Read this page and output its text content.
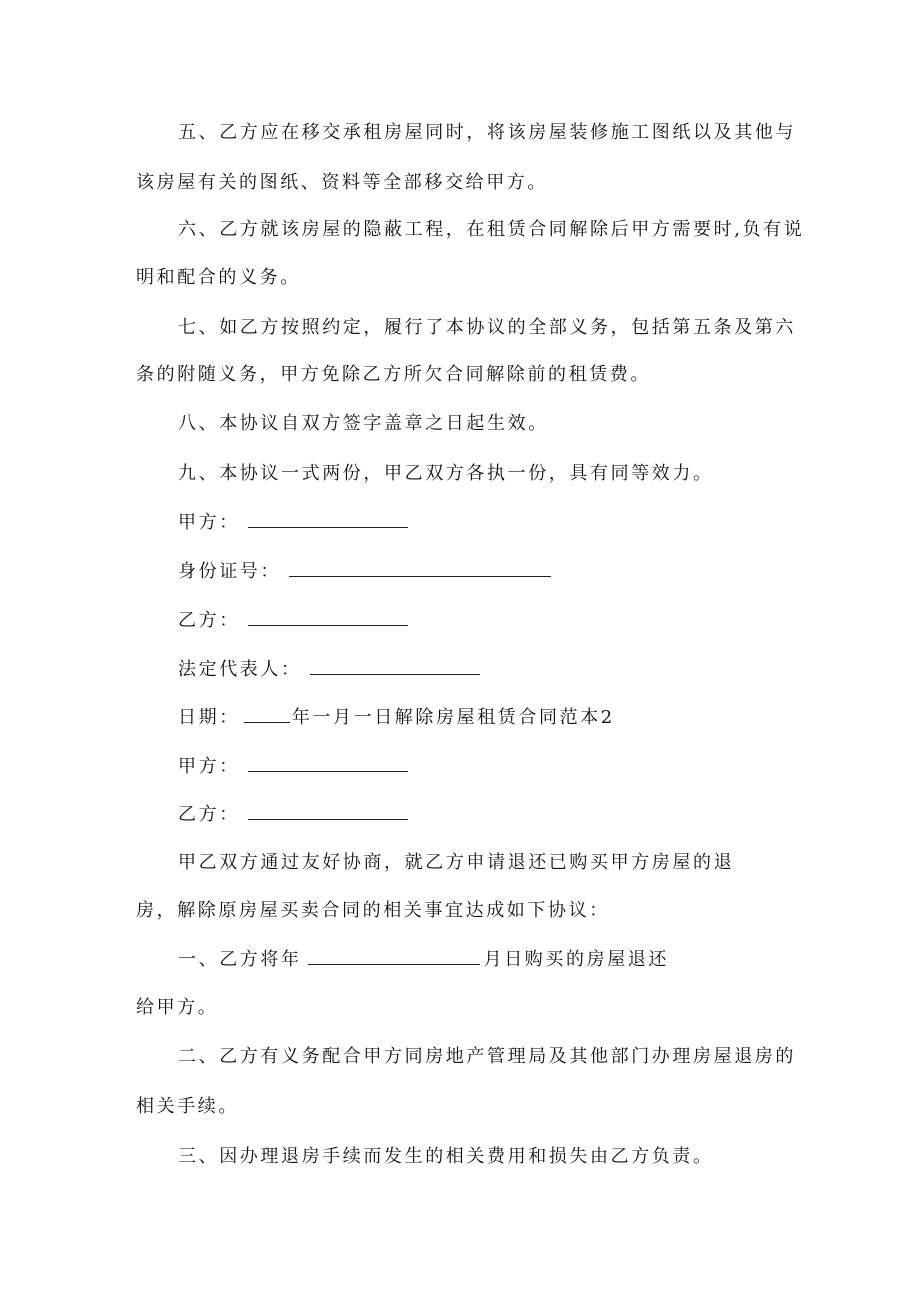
五、乙方应在移交承租房屋同时，将该房屋装修施工图纸以及其他与
该房屋有关的图纸、资料等全部移交给甲方。
六、乙方就该房屋的隐蔽工程，在租赁合同解除后甲方需要时,负有说
明和配合的义务。
七、如乙方按照约定，履行了本协议的全部义务，包括第五条及第六
条的附随义务，甲方免除乙方所欠合同解除前的租赁费。
八、本协议自双方签字盖章之日起生效。
九、本协议一式两份，甲乙双方各执一份，具有同等效力。
甲方：
身份证号：
乙方：
法定代表人：
日期：	年一月一日解除房屋租赁合同范本2
甲方：
乙方：
甲乙双方通过友好协商，就乙方申请退还已购买甲方房屋的退
房，解除原房屋买卖合同的相关事宜达成如下协议：
一、乙方将年	月日购买的房屋退还
给甲方。
二、乙方有义务配合甲方同房地产管理局及其他部门办理房屋退房的
相关手续。
三、因办理退房手续而发生的相关费用和损失由乙方负责。
